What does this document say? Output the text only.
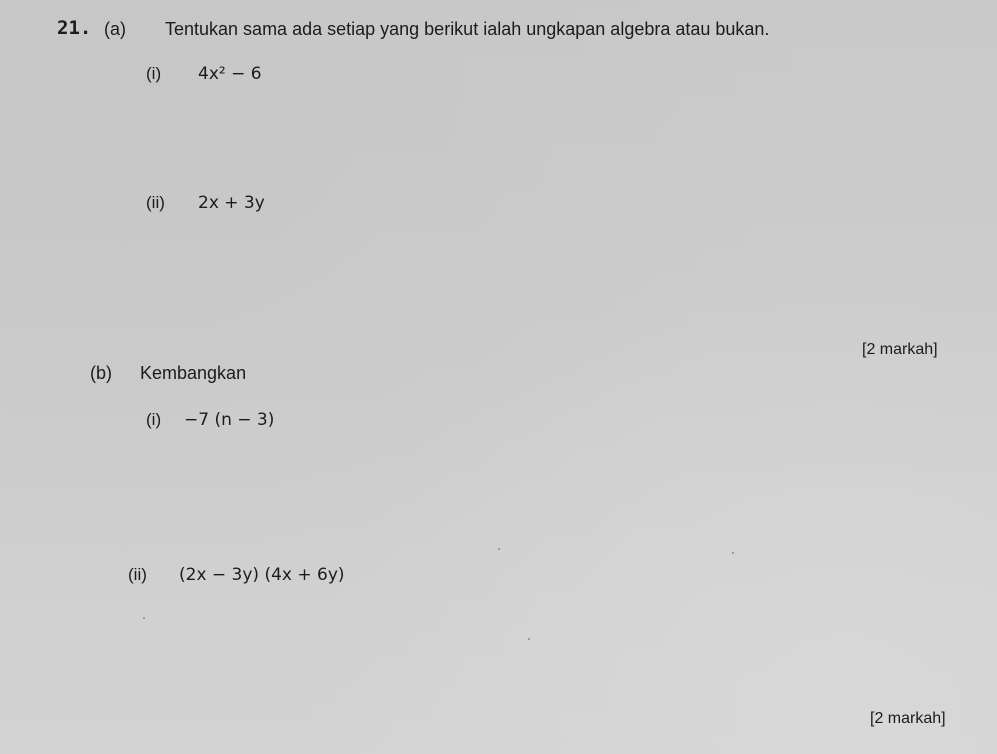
21. (a) Tentukan sama ada setiap yang berikut ialah ungkapan algebra atau bukan.
(i) 4x² − 6
(ii) 2x + 3y
[2 markah]
(b) Kembangkan
(i) −7 (n − 3)
(ii) (2x − 3y) (4x + 6y)
[2 markah]
